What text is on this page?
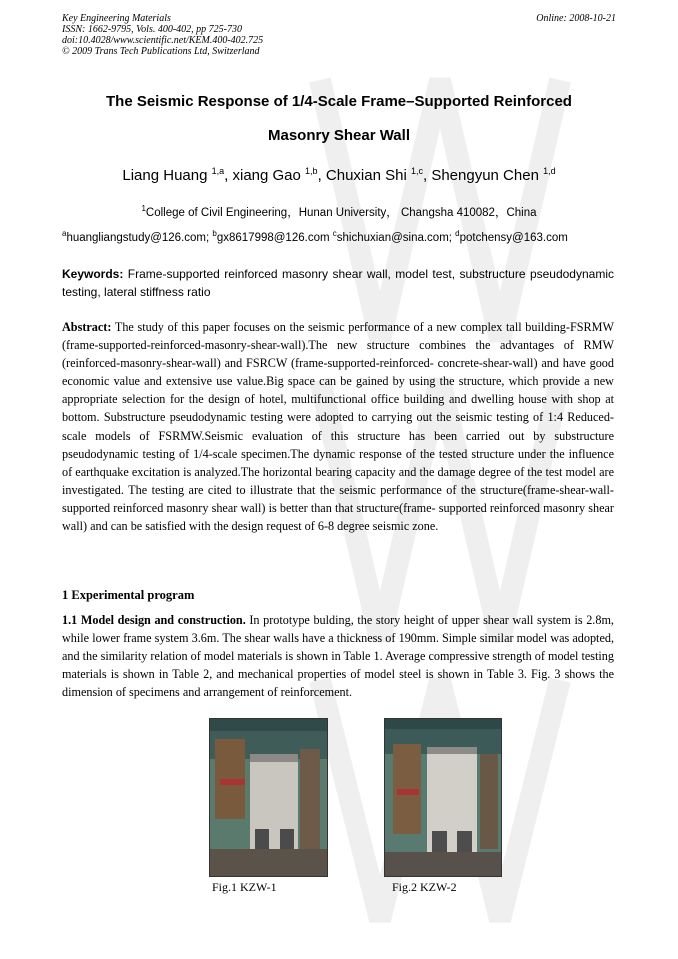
Key Engineering Materials
ISSN: 1662-9795, Vols. 400-402, pp 725-730
doi:10.4028/www.scientific.net/KEM.400-402.725
© 2009 Trans Tech Publications Ltd, Switzerland
Online: 2008-10-21
The Seismic Response of 1/4-Scale Frame–Supported Reinforced
Masonry Shear Wall
Liang Huang $^{1,a}$, xiang Gao $^{1,b}$, Chuxian Shi $^{1,c}$, Shengyun Chen $^{1,d}$
$^1$College of Civil Engineering，Hunan University， Changsha 410082，China
$^a$huangliangstudy@126.com; $^b$gx8617998@126.com $^c$shichuxian@sina.com; $^d$potchensy@163.com
Keywords: Frame-supported reinforced masonry shear wall, model test, substructure pseudodynamic testing, lateral stiffness ratio
Abstract: The study of this paper focuses on the seismic performance of a new complex tall building-FSRMW (frame-supported-reinforced-masonry-shear-wall).The new structure combines the advantages of RMW (reinforced-masonry-shear-wall) and FSRCW (frame-supported-reinforced- concrete-shear-wall) and have good economic value and extensive use value.Big space can be gained by using the structure, which provide a new appropriate selection for the design of hotel, multifunctional office building and dwelling house with shop at bottom. Substructure pseudodynamic testing were adopted to carrying out the seismic testing of 1:4 Reduced-scale models of FSRMW.Seismic evaluation of this structure has been carried out by substructure pseudodynamic testing of 1/4-scale specimen.The dynamic response of the tested structure under the influence of earthquake excitation is analyzed.The horizontal bearing capacity and the damage degree of the test model are investigated. The testing are cited to illustrate that the seismic performance of the structure(frame-shear-wall-supported reinforced masonry shear wall) is better than that structure(frame- supported reinforced masonry shear wall) and can be satisfied with the design request of 6-8 degree seismic zone.
1 Experimental program
1.1 Model design and construction. In prototype bulding, the story height of upper shear wall system is 2.8m, while lower frame system 3.6m. The shear walls have a thickness of 190mm. Simple similar model was adopted, and the similarity relation of model materials is shown in Table 1. Average compressive strength of model testing materials is shown in Table 2, and mechanical properties of model steel is shown in Table 3. Fig. 3 shows the dimension of specimens and arrangement of reinforcement.
Fig.1 KZW-1	Fig.2 KZW-2
